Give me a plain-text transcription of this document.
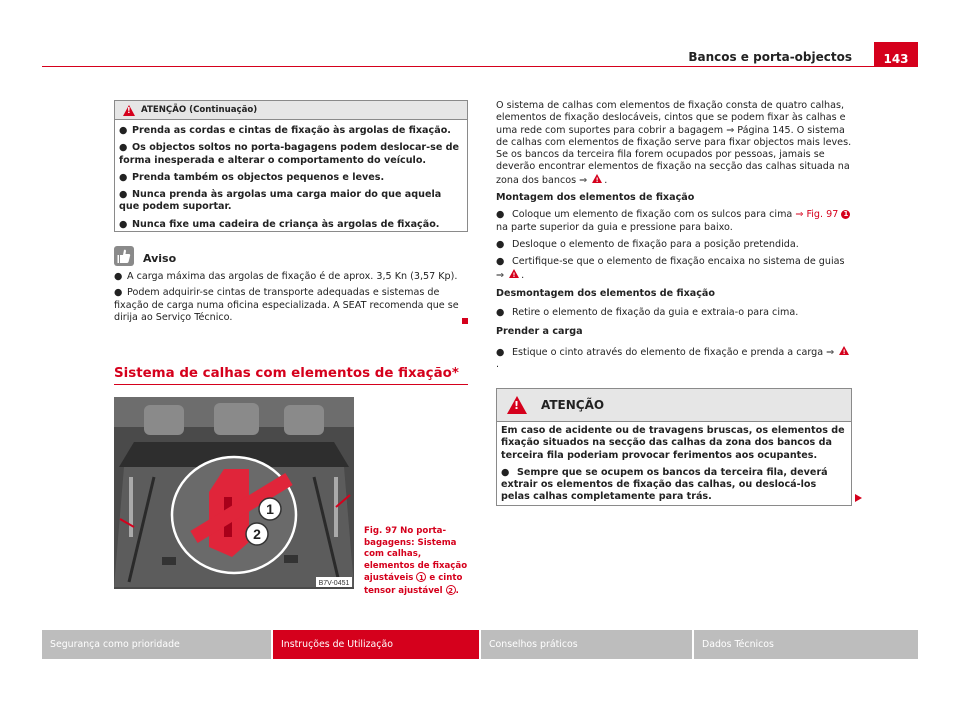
Bancos e porta-objectos	143
!
ATENÇÃO (Continuação)
● Prenda as cordas e cintas de fixação às argolas de fixação.
● Os objectos soltos no porta-bagagens podem deslocar-se de forma inesperada e alterar o comportamento do veículo.
● Prenda também os objectos pequenos e leves.
● Nunca prenda às argolas uma carga maior do que aquela que podem suportar.
● Nunca fixe uma cadeira de criança às argolas de fixação.
Aviso

● A carga máxima das argolas de fixação é de aprox. 3,5 Kn (3,57 Kp).

● Podem adquirir-se cintas de transporte adequadas e sistemas de fixação de carga numa oficina especializada. A SEAT recomenda que se dirija ao Serviço Técnico.

Sistema de calhas com elementos de fixação*
1
2
B7V-0451
Fig. 97 No porta-bagagens: Sistema com calhas, elementos de fixação ajustáveis 1 e cinto tensor ajustável 2 .

O sistema de calhas com elementos de fixação consta de quatro calhas, elementos de fixação deslocáveis, cintos que se podem fixar às calhas e uma rede com suportes para cobrir a bagagem ⇒ Página 145. O sistema de calhas com elementos de fixação serve para fixar objectos mais leves. Se os bancos da terceira fila forem ocupados por pessoas, jamais se deverão encontrar elementos de fixação na secção das calhas situada na zona dos bancos ⇒ ! .

Montagem dos elementos de fixação

● Coloque um elemento de fixação com os sulcos para cima ⇒ Fig. 97 1
na parte superior da guia e pressione para baixo.

● Desloque o elemento de fixação para a posição pretendida.

● Certifique-se que o elemento de fixação encaixa no sistema de guias
⇒ ! .

Desmontagem dos elementos de fixação

● Retire o elemento de fixação da guia e extraia-o para cima.

Prender a carga

● Estique o cinto através do elemento de fixação e prenda a carga ⇒ !.

!
ATENÇÃO

Em caso de acidente ou de travagens bruscas, os elementos de fixação situados na secção das calhas da zona dos bancos da terceira fila poderiam provocar ferimentos aos ocupantes.

● Sempre que se ocupem os bancos da terceira fila, deverá extrair os elementos de fixação das calhas, ou deslocá-los pelas calhas completamente para trás.

Segurança como prioridade	Instruções de Utilização	Conselhos práticos	Dados Técnicos
